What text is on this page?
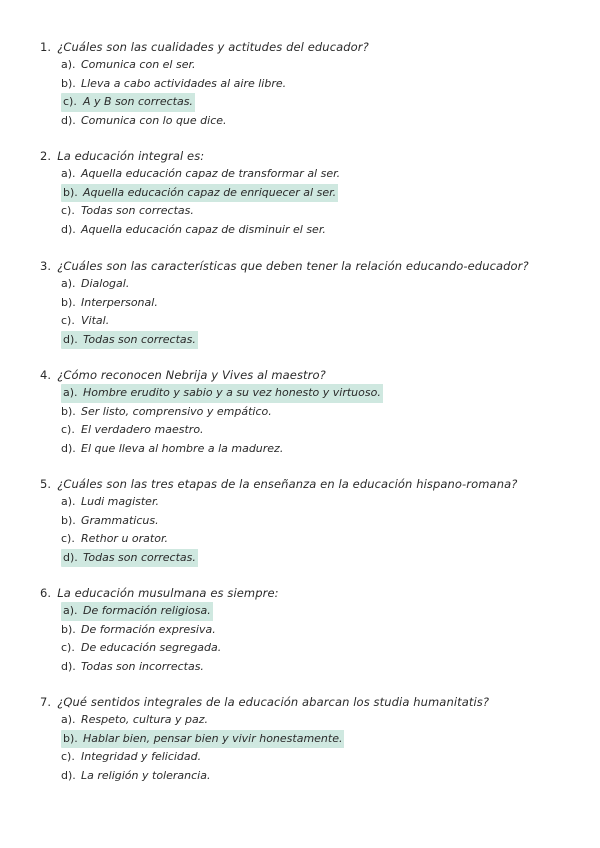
1. ¿Cuáles son las cualidades y actitudes del educador?
a). Comunica con el ser.
b). Lleva a cabo actividades al aire libre.
c). A y B son correctas.
d). Comunica con lo que dice.
2. La educación integral es:
a). Aquella educación capaz de transformar al ser.
b). Aquella educación capaz de enriquecer al ser.
c). Todas son correctas.
d). Aquella educación capaz de disminuir el ser.
3. ¿Cuáles son las características que deben tener la relación educando-educador?
a). Dialogal.
b). Interpersonal.
c). Vital.
d). Todas son correctas.
4. ¿Cómo reconocen Nebrija y Vives al maestro?
a). Hombre erudito y sabio y a su vez honesto y virtuoso.
b). Ser listo, comprensivo y empático.
c). El verdadero maestro.
d). El que lleva al hombre a la madurez.
5. ¿Cuáles son las tres etapas de la enseñanza en la educación hispano-romana?
a). Ludi magister.
b). Grammaticus.
c). Rethor u orator.
d). Todas son correctas.
6. La educación musulmana es siempre:
a). De formación religiosa.
b). De formación expresiva.
c). De educación segregada.
d). Todas son incorrectas.
7. ¿Qué sentidos integrales de la educación abarcan los studia humanitatis?
a). Respeto, cultura y paz.
b). Hablar bien, pensar bien y vivir honestamente.
c). Integridad y felicidad.
d). La religión y tolerancia.
